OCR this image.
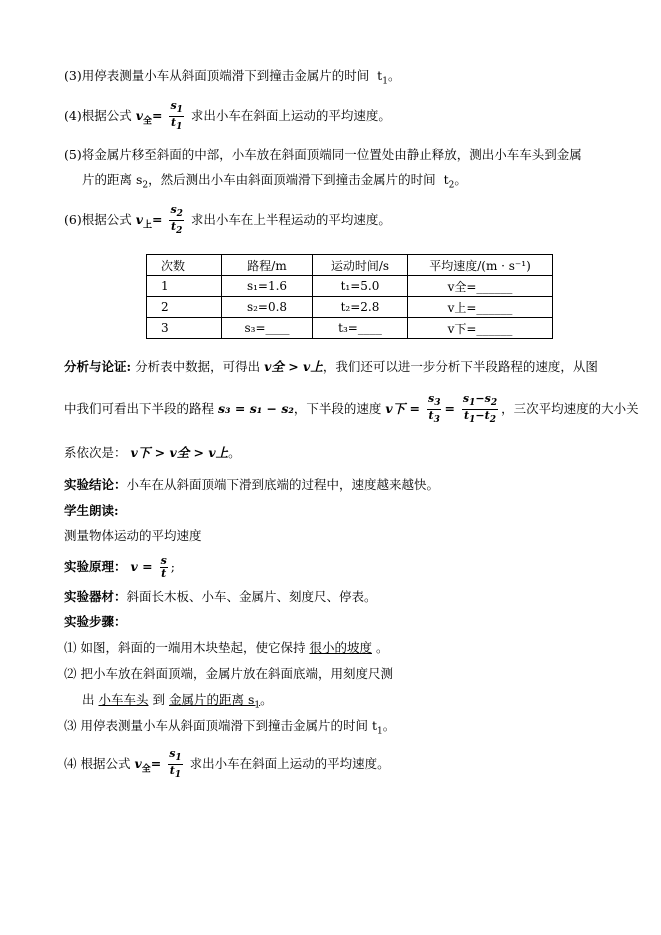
(3)用停表测量小车从斜面顶端滑下到撞击金属片的时间 $t_1$。
(4)根据公式 $v_全= \frac{s_1}{t_1}$ 求出小车在斜面上运动的平均速度。
(5)将金属片移至斜面的中部，小车放在斜面顶端同一位置处由静止释放，测出小车车头到金属
片的距离 $s_2$，然后测出小车由斜面顶端滑下到撞击金属片的时间 $t_2$。
(6)根据公式 $v_上= \frac{s_2}{t_2}$ 求出小车在上半程运动的平均速度。
次数	路程/m	运动时间/s	平均速度/(m · s⁻¹)
1	s₁=1.6	t₁=5.0	v全=______
2	s₂=0.8	t₂=2.8	v上=______
3	s₃=____	t₃=____	v下=______
分析与论证: 分析表中数据，可得出 v全 > v上，我们还可以进一步分析下半段路程的速度，从图
中我们可看出下半段的路程 s₃ = s₁ − s₂，下半段的速度 v下 = $\frac{s_3}{t_3} = \frac{s_1-s_2}{t_1-t_2}$ ，三次平均速度的大小关
系依次是： v下 > v全 > v上。
实验结论：小车在从斜面顶端下滑到底端的过程中，速度越来越快。
学生朗读:
测量物体运动的平均速度
实验原理： $v = \frac{s}{t}$ ;
实验器材：斜面长木板、小车、金属片、刻度尺、停表。
实验步骤：
⑴ 如图，斜面的一端用木块垫起，使它保持 很小的坡度 。
⑵ 把小车放在斜面顶端，金属片放在斜面底端，用刻度尺测
出 小车车头 到 金属片的距离 $s_1$。
⑶ 用停表测量小车从斜面顶端滑下到撞击金属片的时间 $t_1$。
⑷ 根据公式 $v_全= \frac{s_1}{t_1}$ 求出小车在斜面上运动的平均速度。
